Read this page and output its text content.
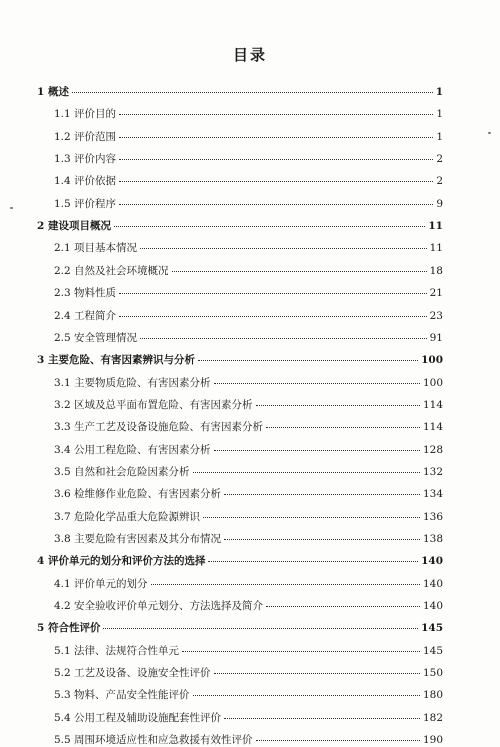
目录
1 概述	1
1.1 评价目的	1
1.2 评价范围	1
1.3 评价内容	2
1.4 评价依据	2
1.5 评价程序	9
2 建设项目概况	11
2.1 项目基本情况	11
2.2 自然及社会环境概况	18
2.3 物料性质	21
2.4 工程简介	23
2.5 安全管理情况	91
3 主要危险、有害因素辨识与分析	100
3.1 主要物质危险、有害因素分析	100
3.2 区域及总平面布置危险、有害因素分析	114
3.3 生产工艺及设备设施危险、有害因素分析	114
3.4 公用工程危险、有害因素分析	128
3.5 自然和社会危险因素分析	132
3.6 检维修作业危险、有害因素分析	134
3.7 危险化学品重大危险源辨识	136
3.8 主要危险有害因素及其分布情况	138
4 评价单元的划分和评价方法的选择	140
4.1 评价单元的划分	140
4.2 安全验收评价单元划分、方法选择及简介	140
5 符合性评价	145
5.1 法律、法规符合性单元	145
5.2 工艺及设备、设施安全性评价	150
5.3 物料、产品安全性能评价	180
5.4 公用工程及辅助设施配套性评价	182
5.5 周围环境适应性和应急救援有效性评价	190
